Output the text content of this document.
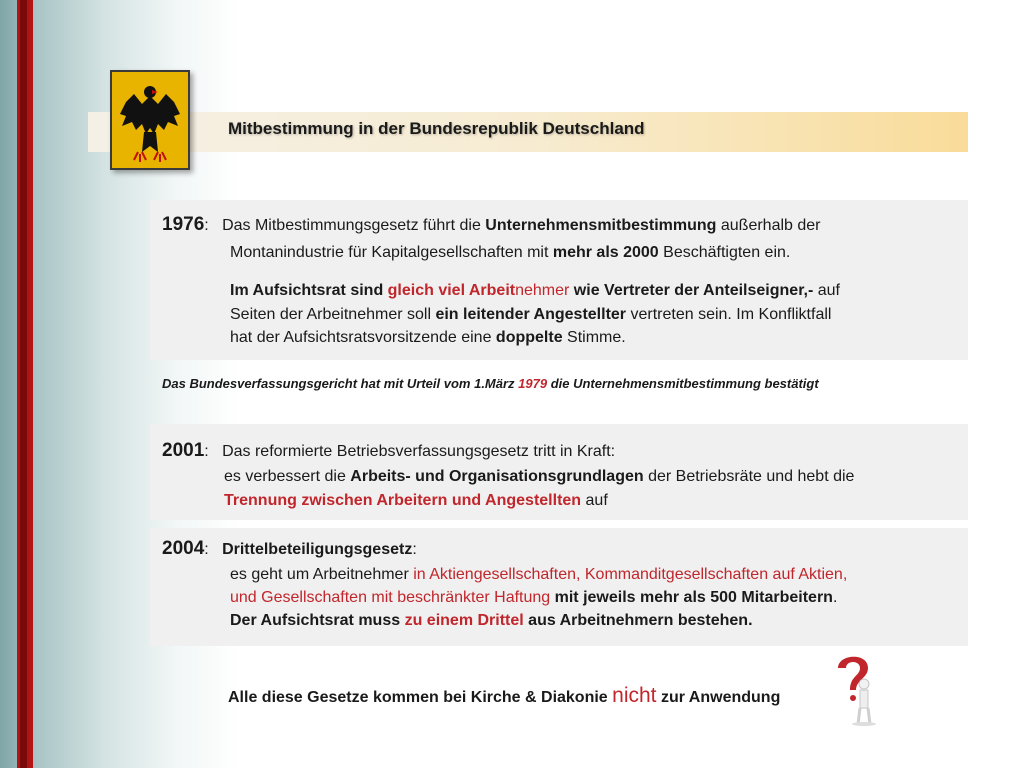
Mitbestimmung in der Bundesrepublik Deutschland
1976: Das Mitbestimmungsgesetz führt die Unternehmensmitbestimmung außerhalb der
Montanindustrie für Kapitalgesellschaften mit mehr als 2000 Beschäftigten ein.
Im Aufsichtsrat sind gleich viel Arbeitnehmer wie Vertreter der Anteilseigner,- auf
Seiten der Arbeitnehmer soll ein leitender Angestellter vertreten sein. Im Konfliktfall
hat der Aufsichtsratsvorsitzende eine doppelte Stimme.
Das Bundesverfassungsgericht hat mit Urteil vom 1.März 1979 die Unternehmensmitbestimmung bestätigt
2001: Das reformierte Betriebsverfassungsgesetz tritt in Kraft:
es verbessert die Arbeits- und Organisationsgrundlagen der Betriebsräte und hebt die
Trennung zwischen Arbeitern und Angestellten auf
2004: Drittelbeteiligungsgesetz:
es geht um Arbeitnehmer in Aktiengesellschaften, Kommanditgesellschaften auf Aktien,
und Gesellschaften mit beschränkter Haftung mit jeweils mehr als 500 Mitarbeitern.
Der Aufsichtsrat muss zu einem Drittel aus Arbeitnehmern bestehen.
Alle diese Gesetze kommen bei Kirche & Diakonie nicht zur Anwendung
